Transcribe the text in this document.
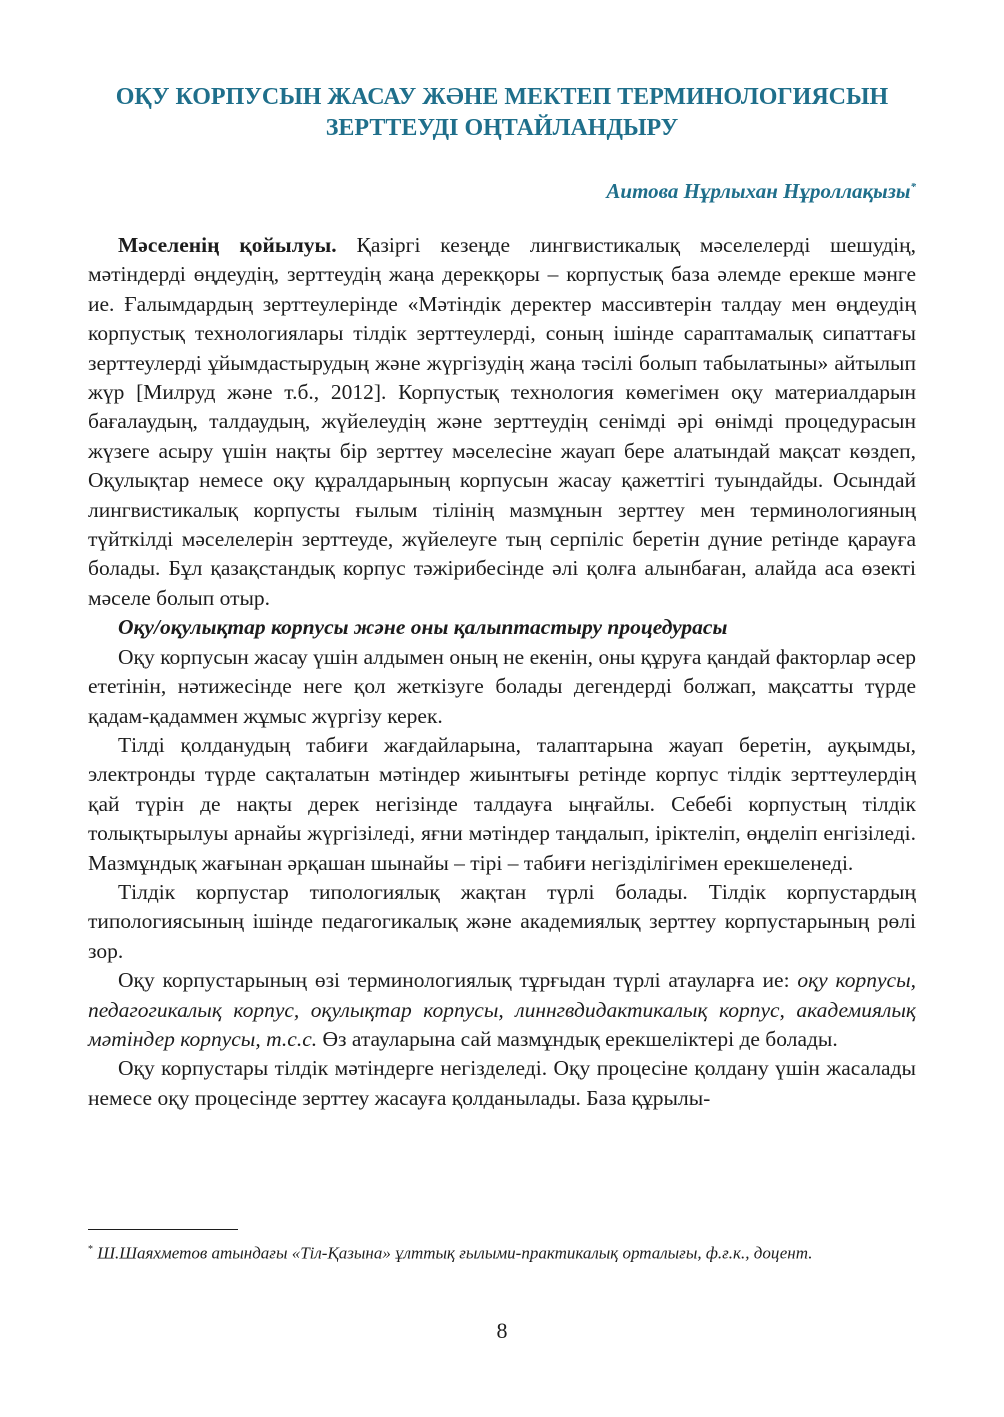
ОҚУ КОРПУСЫН ЖАСАУ ЖӘНЕ МЕКТЕП ТЕРМИНОЛОГИЯСЫН
ЗЕРТТЕУДІ ОҢТАЙЛАНДЫРУ
Аитова Нұрлыхан Нұроллақызы*

Мәселенің қойылуы. Қазіргі кезеңде лингвистикалық мәселелерді шешудің, мәтіндерді өңдеудің, зерттеудің жаңа дерекқоры – корпустық база әлемде ерекше мәнге ие. Ғалымдардың зерттеулерінде «Мәтіндік деректер массивтерін талдау мен өңдеудің корпустық технологиялары тілдік зерттеулерді, соның ішінде сараптамалық сипаттағы зерттеулерді ұйымдастырудың және жүргізудің жаңа тәсілі болып табылатыны» айтылып жүр [Милруд және т.б., 2012]. Корпустық технология көмегімен оқу материалдарын бағалаудың, талдаудың, жүйелеудің және зерттеудің сенімді әрі өнімді процедурасын жүзеге асыру үшін нақты бір зерттеу мәселесіне жауап бере алатындай мақсат көздеп, Оқулықтар немесе оқу құралдарының корпусын жасау қажеттігі туындайды. Осындай лингвистикалық корпусты ғылым тілінің мазмұнын зерттеу мен терминологияның түйткілді мәселелерін зерттеуде, жүйелеуге тың серпіліс беретін дүние ретінде қарауға болады. Бұл қазақстандық корпус тәжірибесінде әлі қолға алынбаған, алайда аса өзекті мәселе болып отыр.

Оқу/оқулықтар корпусы және оны қалыптастыру процедурасы

Оқу корпусын жасау үшін алдымен оның не екенін, оны құруға қандай факторлар әсер ететінін, нәтижесінде неге қол жеткізуге болады дегендерді болжап, мақсатты түрде қадам-қадаммен жұмыс жүргізу керек.

Тілді қолданудың табиғи жағдайларына, талаптарына жауап беретін, ауқымды, электронды түрде сақталатын мәтіндер жиынтығы ретінде корпус тілдік зерттеулердің қай түрін де нақты дерек негізінде талдауға ыңғайлы. Себебі корпустың тілдік толықтырылуы арнайы жүргізіледі, яғни мәтіндер таңдалып, іріктеліп, өңделіп енгізіледі. Мазмұндық жағынан әрқашан шынайы – тірі – табиғи негізділігімен ерекшеленеді.

Тілдік корпустар типологиялық жақтан түрлі болады. Тілдік корпустардың типологиясының ішінде педагогикалық және академиялық зерттеу корпустарының рөлі зор.

Оқу корпустарының өзі терминологиялық тұрғыдан түрлі атауларға ие: оқу корпусы, педагогикалық корпус, оқулықтар корпусы, линнгвдидактикалық корпус, академиялық мәтіндер корпусы, т.с.с. Өз атауларына сай мазмұндық ерекшеліктері де болады.

Оқу корпустары тілдік мәтіндерге негізделеді. Оқу процесіне қолдану үшін жасалады немесе оқу процесінде зерттеу жасауға қолданылады. База құрылы-

* Ш.Шаяхметов атындағы «Тіл-Қазына» ұлттық ғылыми-практикалық орталығы, ф.ғ.к., доцент.
8
